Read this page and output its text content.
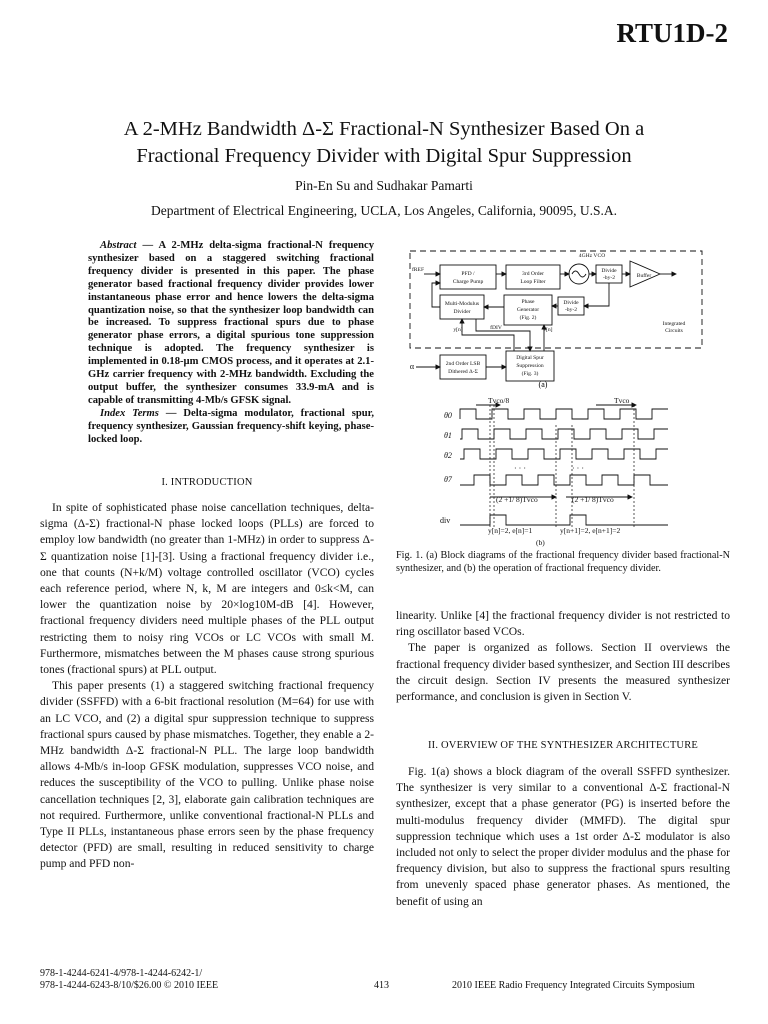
RTU1D-2
A 2-MHz Bandwidth Δ-Σ Fractional-N Synthesizer Based On a
Fractional Frequency Divider with Digital Spur Suppression
Pin-En Su and Sudhakar Pamarti
Department of Electrical Engineering, UCLA, Los Angeles, California, 90095, U.S.A.

Abstract — A 2-MHz delta-sigma fractional-N frequency synthesizer based on a staggered switching fractional frequency divider is presented in this paper. The phase generator based fractional frequency divider provides lower instantaneous phase error and hence lowers the delta-sigma quantization noise, so that the synthesizer loop bandwidth can be increased. To suppress fractional spurs due to phase generator phase errors, a digital spurious tone suppression technique is adopted. The frequency synthesizer is implemented in 0.18-µm CMOS process, and it operates at 2.1-GHz carrier frequency with 2-MHz bandwidth. Excluding the output buffer, the synthesizer consumes 33.9-mA and is capable of transmitting 4-Mb/s GFSK signal.

Index Terms — Delta-sigma modulator, fractional spur, frequency synthesizer, Gaussian frequency-shift keying, phase-locked loop.

I. INTRODUCTION

In spite of sophisticated phase noise cancellation techniques, delta-sigma (Δ-Σ) fractional-N phase locked loops (PLLs) are forced to employ low bandwidth (no greater than 1-MHz) in order to suppress Δ-Σ quantization noise [1]-[3]. Using a fractional frequency divider i.e., one that counts (N+k/M) voltage controlled oscillator (VCO) cycles each reference period, where N, k, M are integers and 0≤k<M, can lower the quantization noise by 20×log10M-dB [4]. However, fractional frequency dividers need multiple phases of the PLL output restricting them to noisy ring VCOs or LC VCOs with small M. Furthermore, mismatches between the M phases cause strong spurious tones (fractional spurs) at PLL output.

This paper presents (1) a staggered switching fractional frequency divider (SSFFD) with a 6-bit fractional resolution (M=64) for use with an LC VCO, and (2) a digital spur suppression technique to suppress fractional spurs caused by phase mismatches. Together, they enable a 2-MHz bandwidth Δ-Σ fractional-N PLL. The large loop bandwidth allows 4-Mb/s in-loop GFSK modulation, suppresses VCO noise, and reduces the susceptibility of the VCO to pulling. Unlike phase noise cancellation techniques [2, 3], elaborate gain calibration techniques are not required. Furthermore, unlike conventional fractional-N PLLs and Type II PLLs, instantaneous phase errors seen by the phase frequency detector (PFD) are small, resulting in reduced sensitivity to charge pump and PFD non-

4GHz VCO
fREF
PFD /
Charge Pump
3rd Order
Loop Filter
Divide
-by-2	Buffer
Multi-Modulus
Divider
Phase
Generator
(Fig. 2)
Divide
-by-2
y[n]	fDIV	e[n]
Integrated
Circuits
α	2nd Order LSB
Dithered Δ-Σ
Digital Spur
Suppression
(Fig. 3)
(a)
Tvco/8	Tvco
θ0
θ1
θ2
θ7
div
(2 +1/ 8)Tvco	(2 +1/ 8)Tvco
y[n]=2, e[n]=1	y[n+1]=2, e[n+1]=2
(b)
· · ·	· · ·
Fig. 1. (a) Block diagrams of the fractional frequency divider based fractional-N synthesizer, and (b) the operation of fractional frequency divider.

linearity. Unlike [4] the fractional frequency divider is not restricted to ring oscillator based VCOs.

The paper is organized as follows. Section II overviews the fractional frequency divider based synthesizer, and Section III describes the circuit design. Section IV presents the measured synthesizer performance, and conclusion is given in Section V.

II. OVERVIEW OF THE SYNTHESIZER ARCHITECTURE

Fig. 1(a) shows a block diagram of the overall SSFFD synthesizer. The synthesizer is very similar to a conventional Δ-Σ fractional-N synthesizer, except that a phase generator (PG) is inserted before the multi-modulus frequency divider (MMFD). The digital spur suppression technique which uses a 1st order Δ-Σ modulator is also included not only to select the proper divider modulus and the phase for frequency division, but also to suppress the fractional spurs resulting from unevenly spaced phase generator phases. As mentioned, the benefit of using an

978-1-4244-6241-4/978-1-4244-6242-1/
978-1-4244-6243-8/10/$26.00 © 2010 IEEE	413	2010 IEEE Radio Frequency Integrated Circuits Symposium
